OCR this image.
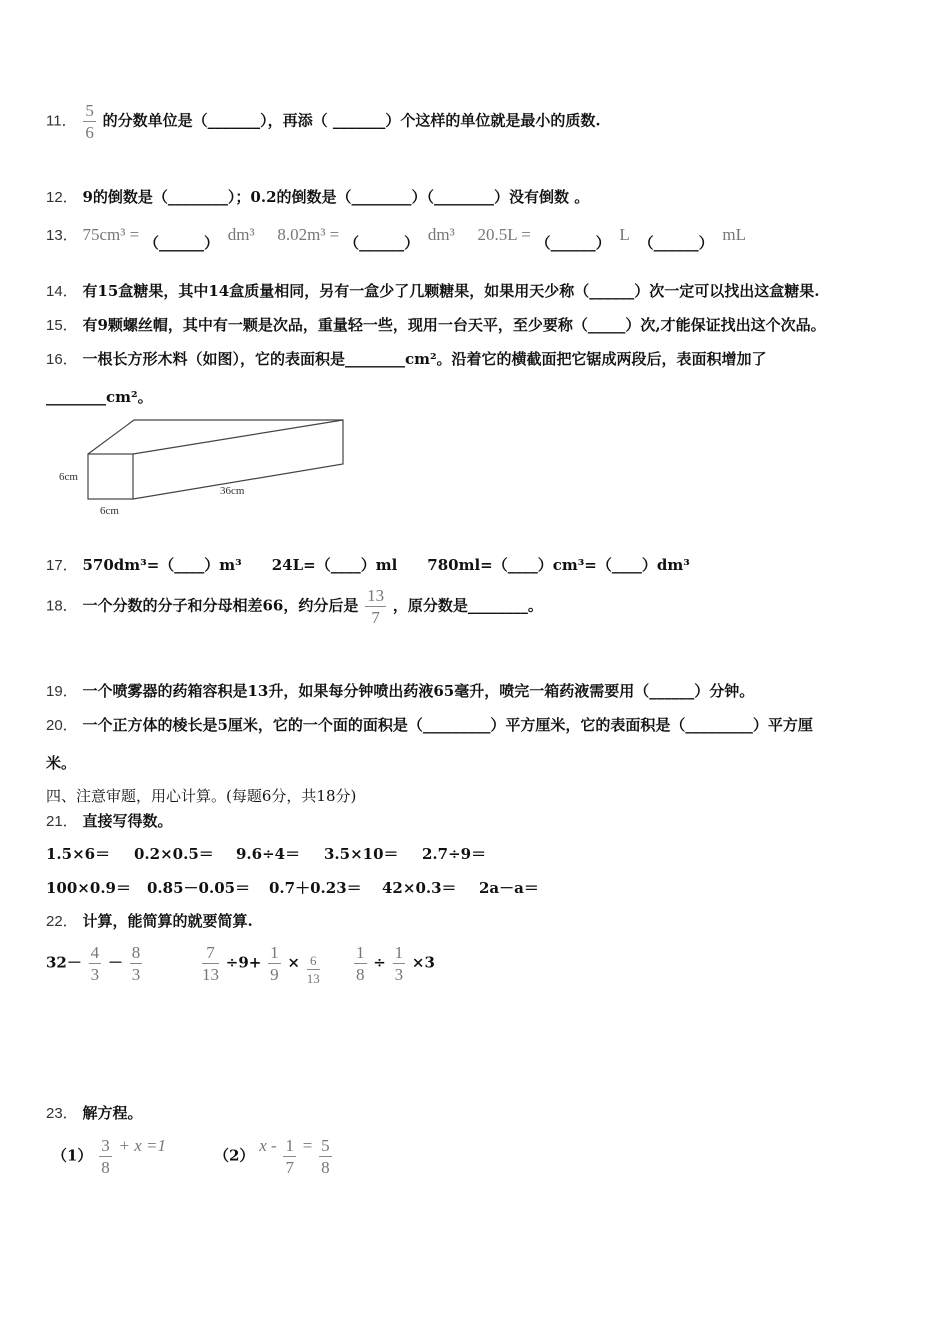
11． $\frac{5}{6}$ 的分数单位是（_______），再添（ _______）个这样的单位就是最小的质数.
12． 9的倒数是（________）；0.2的倒数是（________）（________）没有倒数 。
13． 75cm³ = （______） dm³ 8.02m³ = （______） dm³ 20.5L = （______） L （______） mL
14． 有15盒糖果，其中14盒质量相同，另有一盒少了几颗糖果，如果用天少称（______）次一定可以找出这盒糖果.
15． 有9颗螺丝帽，其中有一颗是次品，重量轻一些，现用一台天平，至少要称（_____）次,才能保证找出这个次品。
16． 一根长方形木料（如图），它的表面积是________cm²。沿着它的横截面把它锯成两段后，表面积增加了
________cm²。
6cm
6cm
36cm
17． 570dm³=（____）m³　　24L=（____）ml　　780ml=（____）cm³=（____）dm³
18． 一个分数的分子和分母相差66，约分后是 $\frac{13}{7}$ ，原分数是________。
19． 一个喷雾器的药箱容积是13升，如果每分钟喷出药液65毫升，喷完一箱药液需要用（______）分钟。
20． 一个正方体的棱长是5厘米，它的一个面的面积是（_________）平方厘米，它的表面积是（_________）平方厘
米。
四、注意审题，用心计算。(每题6分，共18分)
21． 直接写得数。
1.5×6＝ 0.2×0.5＝ 9.6÷4＝ 3.5×10＝ 2.7÷9＝
100×0.9＝ 0.85－0.05＝ 0.7＋0.23＝ 42×0.3＝ 2a－a＝
22． 计算，能简算的就要简算.
$32- \frac{4}{3} - \frac{8}{3}$	$\frac{7}{13} \div 9+ \frac{1}{9} \times \frac{6}{13} \frac{1}{8} \div \frac{1}{3} \times 3$
23． 解方程。
$(1) \frac{3}{8} + x =1$
（2） $x - \frac{1}{7} = \frac{5}{8}$
